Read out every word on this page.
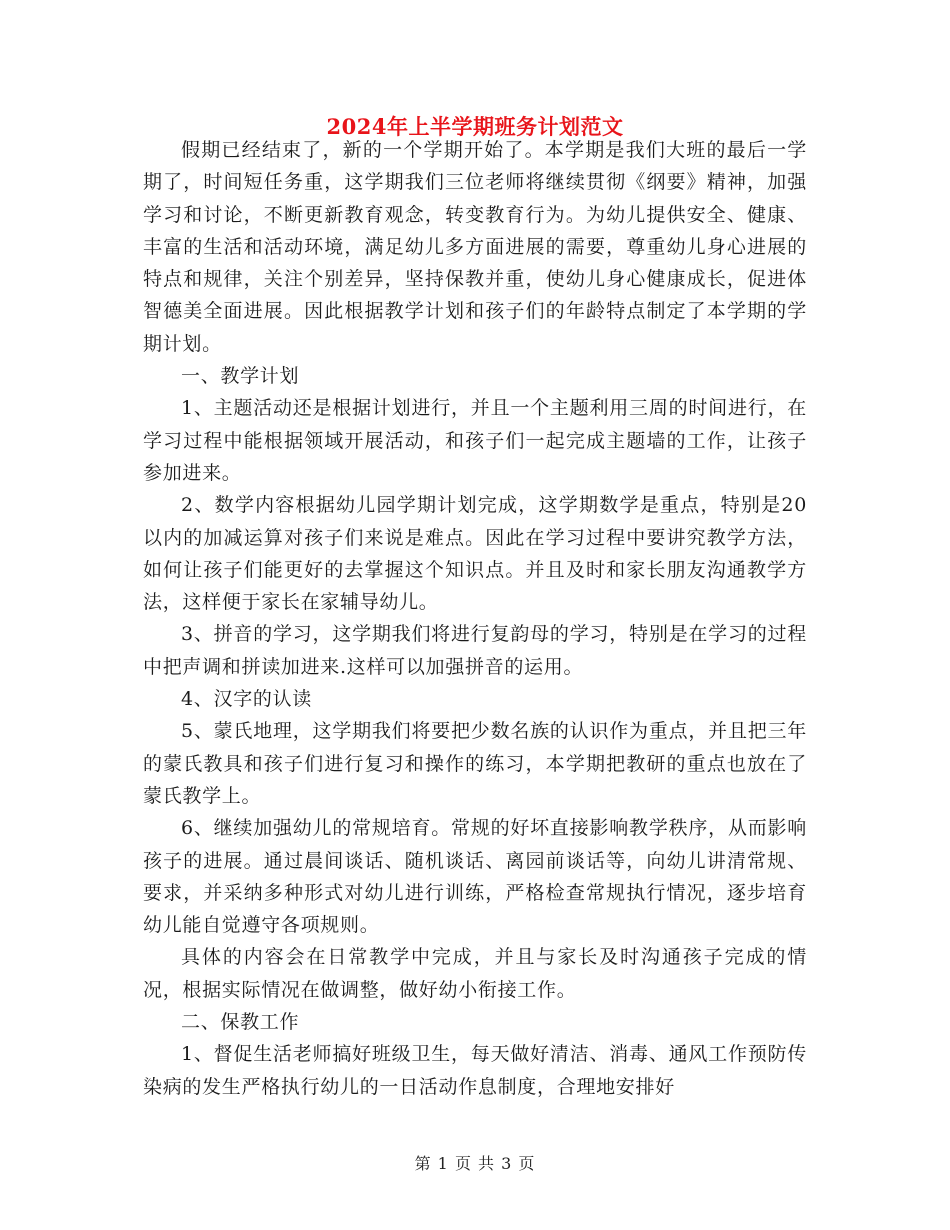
2024年上半学期班务计划范文

假期已经结束了，新的一个学期开始了。本学期是我们大班的最后一学期了，时间短任务重，这学期我们三位老师将继续贯彻《纲要》精神，加强学习和讨论，不断更新教育观念，转变教育行为。为幼儿提供安全、健康、丰富的生活和活动环境，满足幼儿多方面进展的需要，尊重幼儿身心进展的特点和规律，关注个别差异，坚持保教并重，使幼儿身心健康成长，促进体智德美全面进展。因此根据教学计划和孩子们的年龄特点制定了本学期的学期计划。

一、教学计划

1、主题活动还是根据计划进行，并且一个主题利用三周的时间进行，在学习过程中能根据领域开展活动，和孩子们一起完成主题墙的工作，让孩子参加进来。

2、数学内容根据幼儿园学期计划完成，这学期数学是重点，特别是20以内的加减运算对孩子们来说是难点。因此在学习过程中要讲究教学方法，如何让孩子们能更好的去掌握这个知识点。并且及时和家长朋友沟通教学方法，这样便于家长在家辅导幼儿。

3、拼音的学习，这学期我们将进行复韵母的学习，特别是在学习的过程中把声调和拼读加进来.这样可以加强拼音的运用。

4、汉字的认读

5、蒙氏地理，这学期我们将要把少数名族的认识作为重点，并且把三年的蒙氏教具和孩子们进行复习和操作的练习，本学期把教研的重点也放在了蒙氏教学上。

6、继续加强幼儿的常规培育。常规的好坏直接影响教学秩序，从而影响孩子的进展。通过晨间谈话、随机谈话、离园前谈话等，向幼儿讲清常规、要求，并采纳多种形式对幼儿进行训练，严格检查常规执行情况，逐步培育幼儿能自觉遵守各项规则。

具体的内容会在日常教学中完成，并且与家长及时沟通孩子完成的情况，根据实际情况在做调整，做好幼小衔接工作。

二、保教工作

1、督促生活老师搞好班级卫生，每天做好清洁、消毒、通风工作预防传染病的发生严格执行幼儿的一日活动作息制度，合理地安排好

第 1 页 共 3 页
